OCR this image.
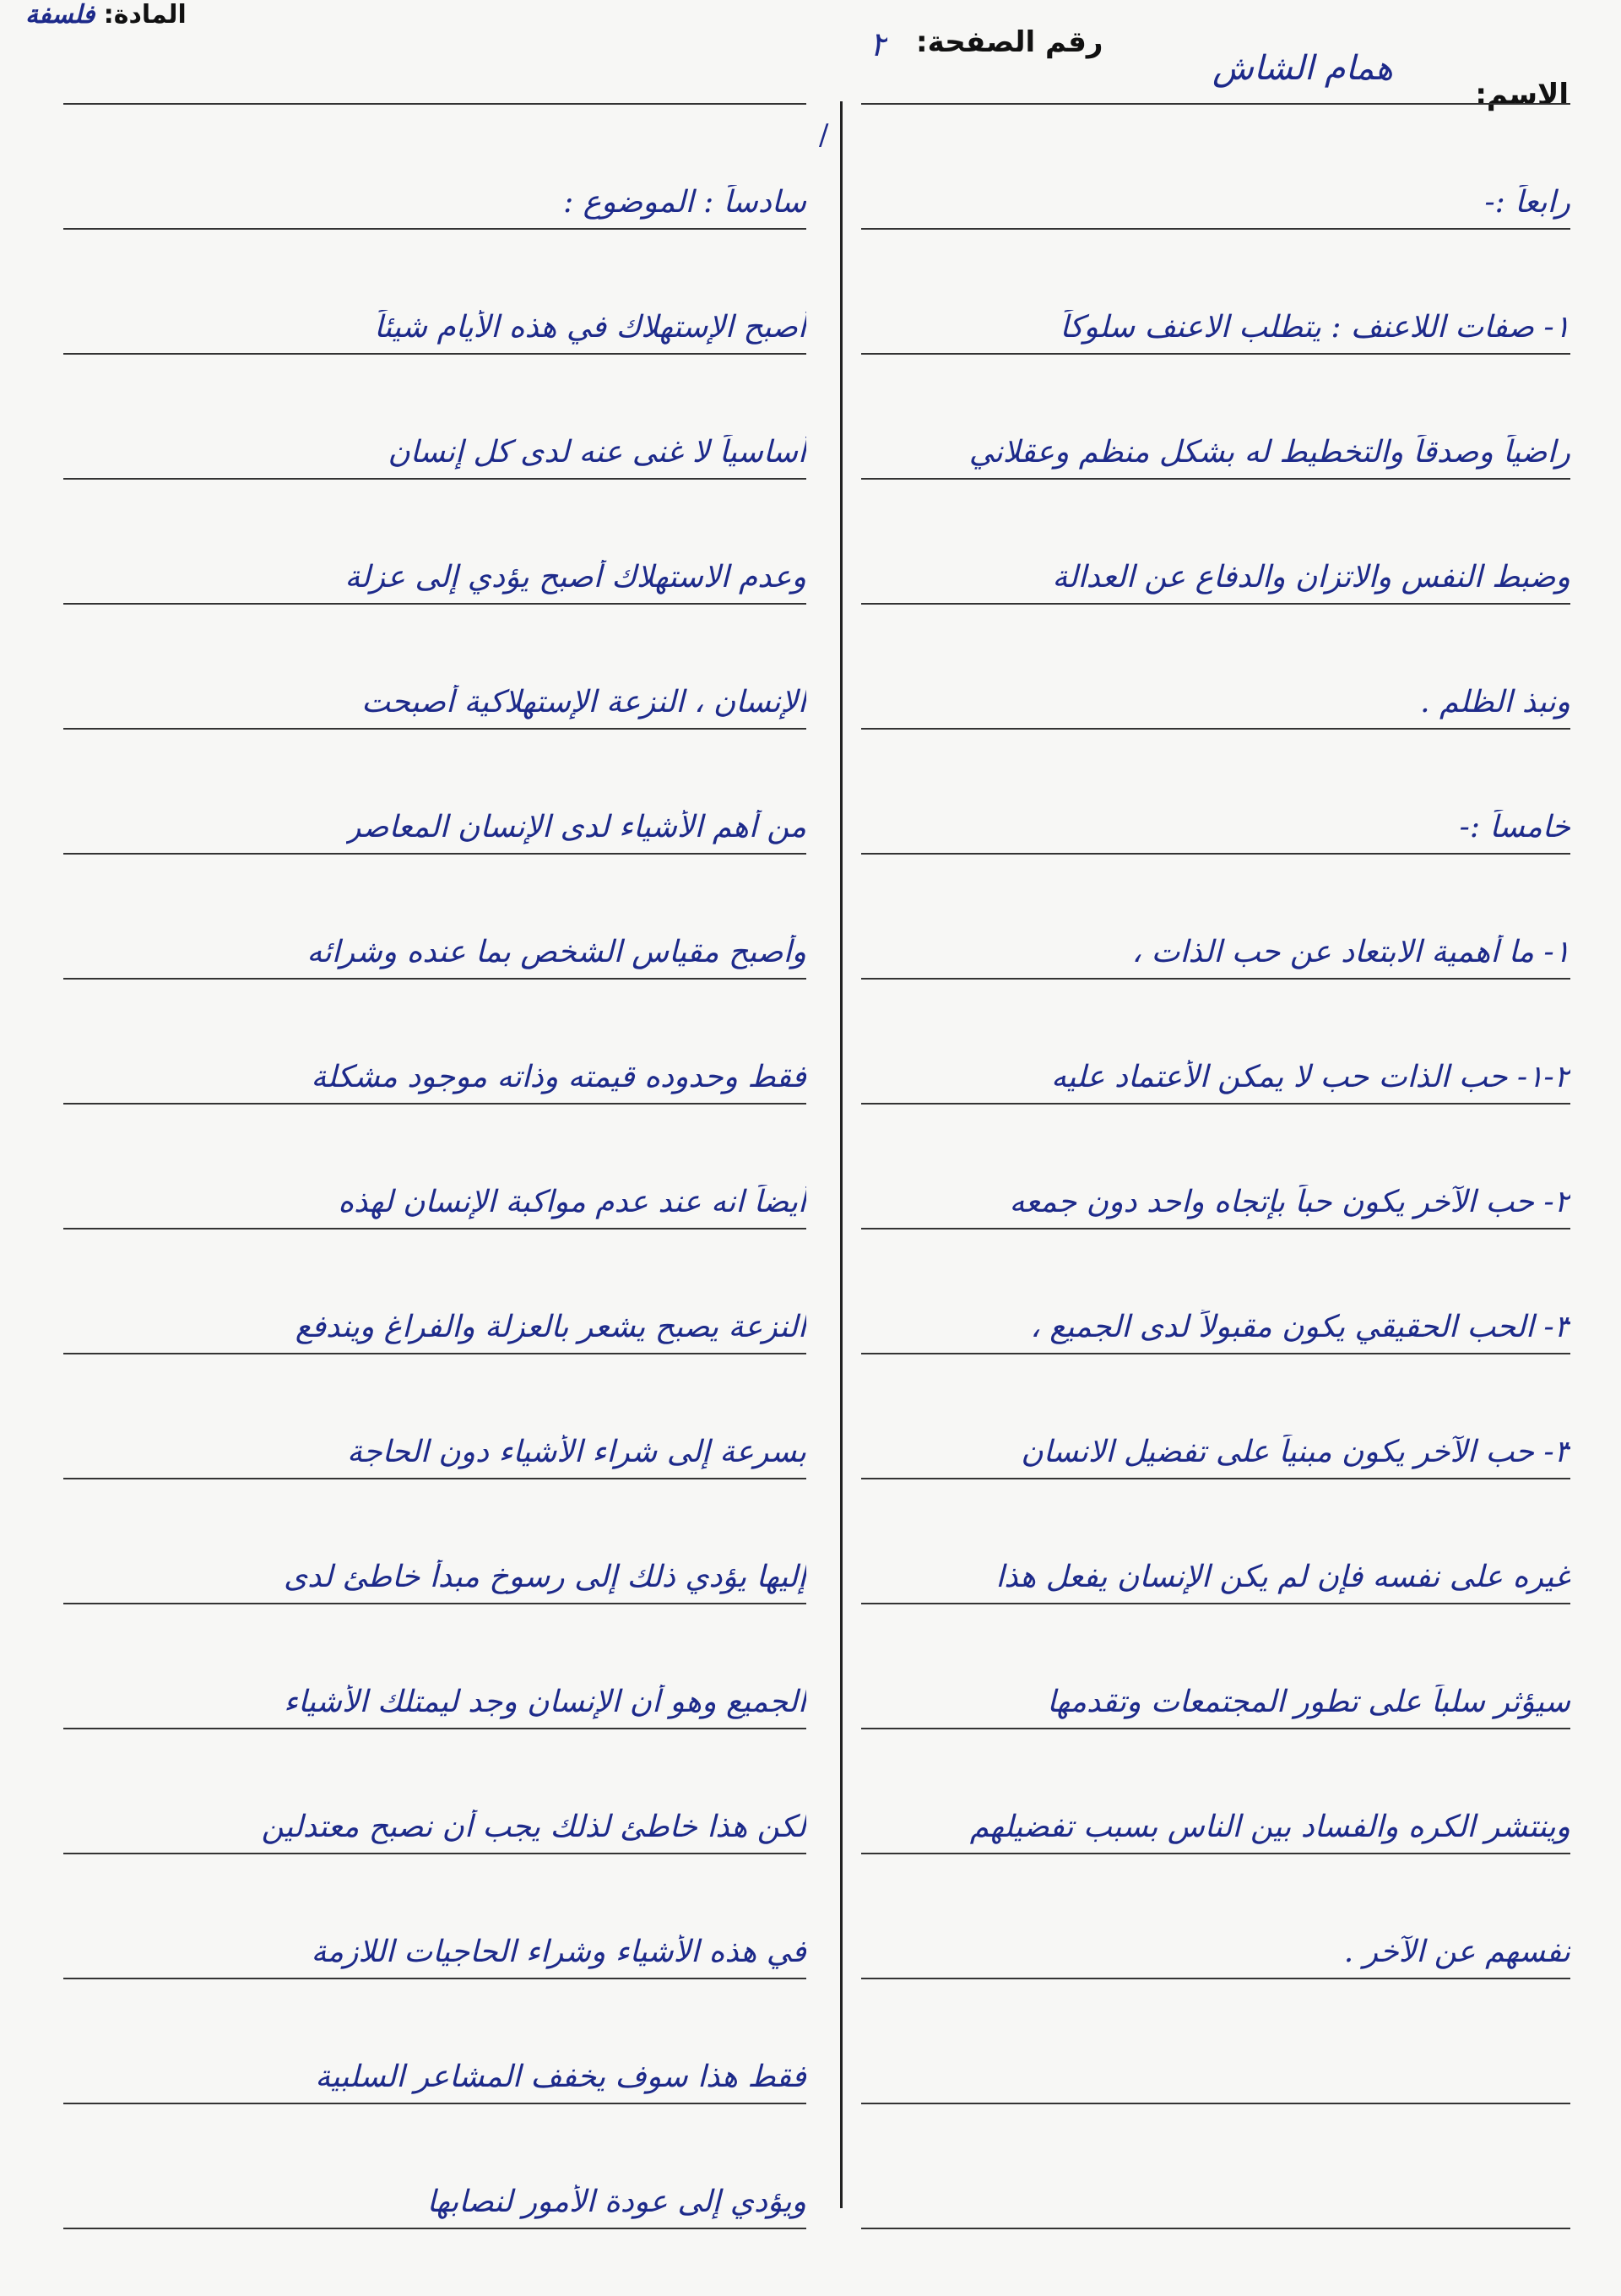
المادة: فلسفة
الاسم:
همام الشاش
رقم الصفحة:
٢
/
رابعاً :-
١- صفات اللاعنف : يتطلب الاعنف سلوكاً
راضياً وصدقاً والتخطيط له بشكل منظم وعقلاني
وضبط النفس والاتزان والدفاع عن العدالة
ونبذ الظلم .
خامساً :-
١- ما أهمية الابتعاد عن حب الذات ،
٢-١- حب الذات حب لا يمكن الأعتماد عليه
٢- حب الآخر يكون حباً بإتجاه واحد دون جمعه
٣- الحب الحقيقي يكون مقبولاً لدى الجميع ،
٣- حب الآخر يكون مبنياً على تفضيل الانسان
غيره على نفسه فإن لم يكن الإنسان يفعل هذا
سيؤثر سلباً على تطور المجتمعات وتقدمها
وينتشر الكره والفساد بين الناس بسبب تفضيلهم
نفسهم عن الآخر .
سادساً : الموضوع :
أصبح الإستهلاك في هذه الأيام شيئاً
أساسياً لا غنى عنه لدى كل إنسان
وعدم الاستهلاك أصبح يؤدي إلى عزلة
الإنسان ، النزعة الإستهلاكية أصبحت
من أهم الأشياء لدى الإنسان المعاصر
وأصبح مقياس الشخص بما عنده وشرائه
فقط وحدوده قيمته وذاته موجود مشكلة
أيضاً انه عند عدم مواكبة الإنسان لهذه
النزعة يصبح يشعر بالعزلة والفراغ ويندفع
بسرعة إلى شراء الأشياء دون الحاجة
إليها يؤدي ذلك إلى رسوخ مبدأ خاطئ لدى
الجميع وهو أن الإنسان وجد ليمتلك الأشياء
لكن هذا خاطئ لذلك يجب أن نصبح معتدلين
في هذه الأشياء وشراء الحاجيات اللازمة
فقط هذا سوف يخفف المشاعر السلبية
ويؤدي إلى عودة الأمور لنصابها
